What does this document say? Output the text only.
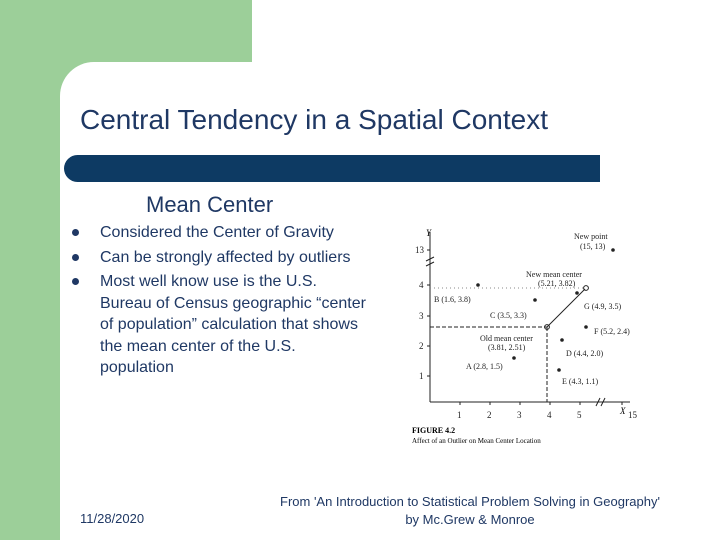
Central Tendency in a Spatial Context
Mean Center
Considered the Center of Gravity
Can be strongly affected by outliers
Most well know use is the U.S. Bureau of Census geographic “center of population” calculation that shows the mean center of the U.S. population
Y
X
1
2
3
4
13
1	2	3	4	5	15
B (1.6, 3.8)
C (3.5, 3.3)
G (4.9, 3.5)
F (5.2, 2.4)
D (4.4, 2.0)
A (2.8, 1.5)
E (4.3, 1.1)
New point
(15, 13)
New mean center
(5.21, 3.82)
Old mean center
(3.81, 2.51)
FIGURE 4.2
Affect of an Outlier on Mean Center Location
11/28/2020
From 'An Introduction to Statistical Problem Solving in Geography'
by Mc.Grew & Monroe
